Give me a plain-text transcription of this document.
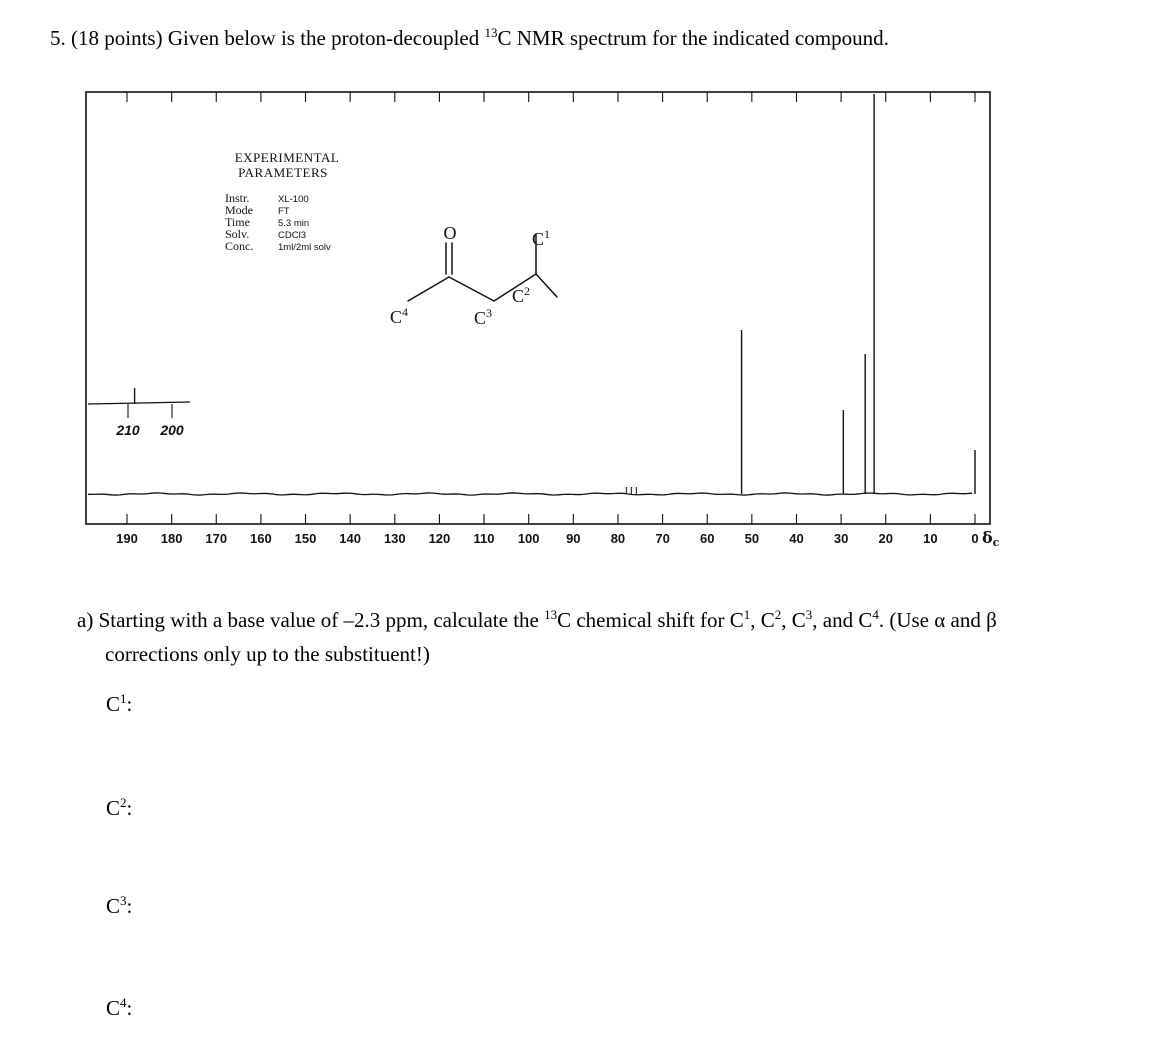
5. (18 points) Given below is the proton-decoupled $^{13}$C NMR spectrum for the indicated compound.
190 180 170 160 150 140 130 120 110 100 90 80 70 60 50 40 30 20 10	0 δc
210 200
EXPERIMENTAL
PARAMETERS
Instr.	XL-100
Mode	FT
Time	5.3 min
Solv.	CDCl3
Conc.	1ml/2ml solv
O	$C^1$
$C^2$
$C^3$
$C^4$
a) Starting with a base value of –2.3 ppm, calculate the $^{13}$C chemical shift for $C^1$, $C^2$, $C^3$, and $C^4$. (Use α and β
corrections only up to the substituent!)
$C^1$:
$C^2$:
$C^3$:
$C^4$:
